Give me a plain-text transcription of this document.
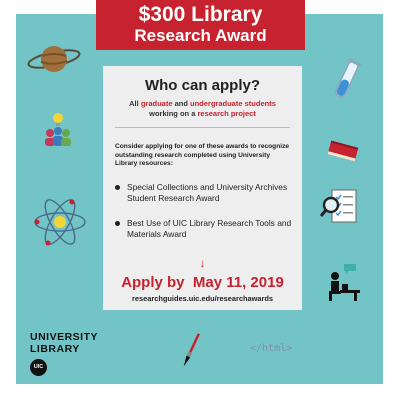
$300 Library
Research Award
Who can apply?
All graduate and undergraduate students
working on a research project
Consider applying for one of these awards to recognize outstanding research completed using University Library resources:
Special Collections and University Archives Student Research Award
Best Use of UIC Library Research Tools and Materials Award
↓
Apply by May 11, 2019
researchguides.uic.edu/researchawards
UNIVERSITY
LIBRARY
UIC
</html>
